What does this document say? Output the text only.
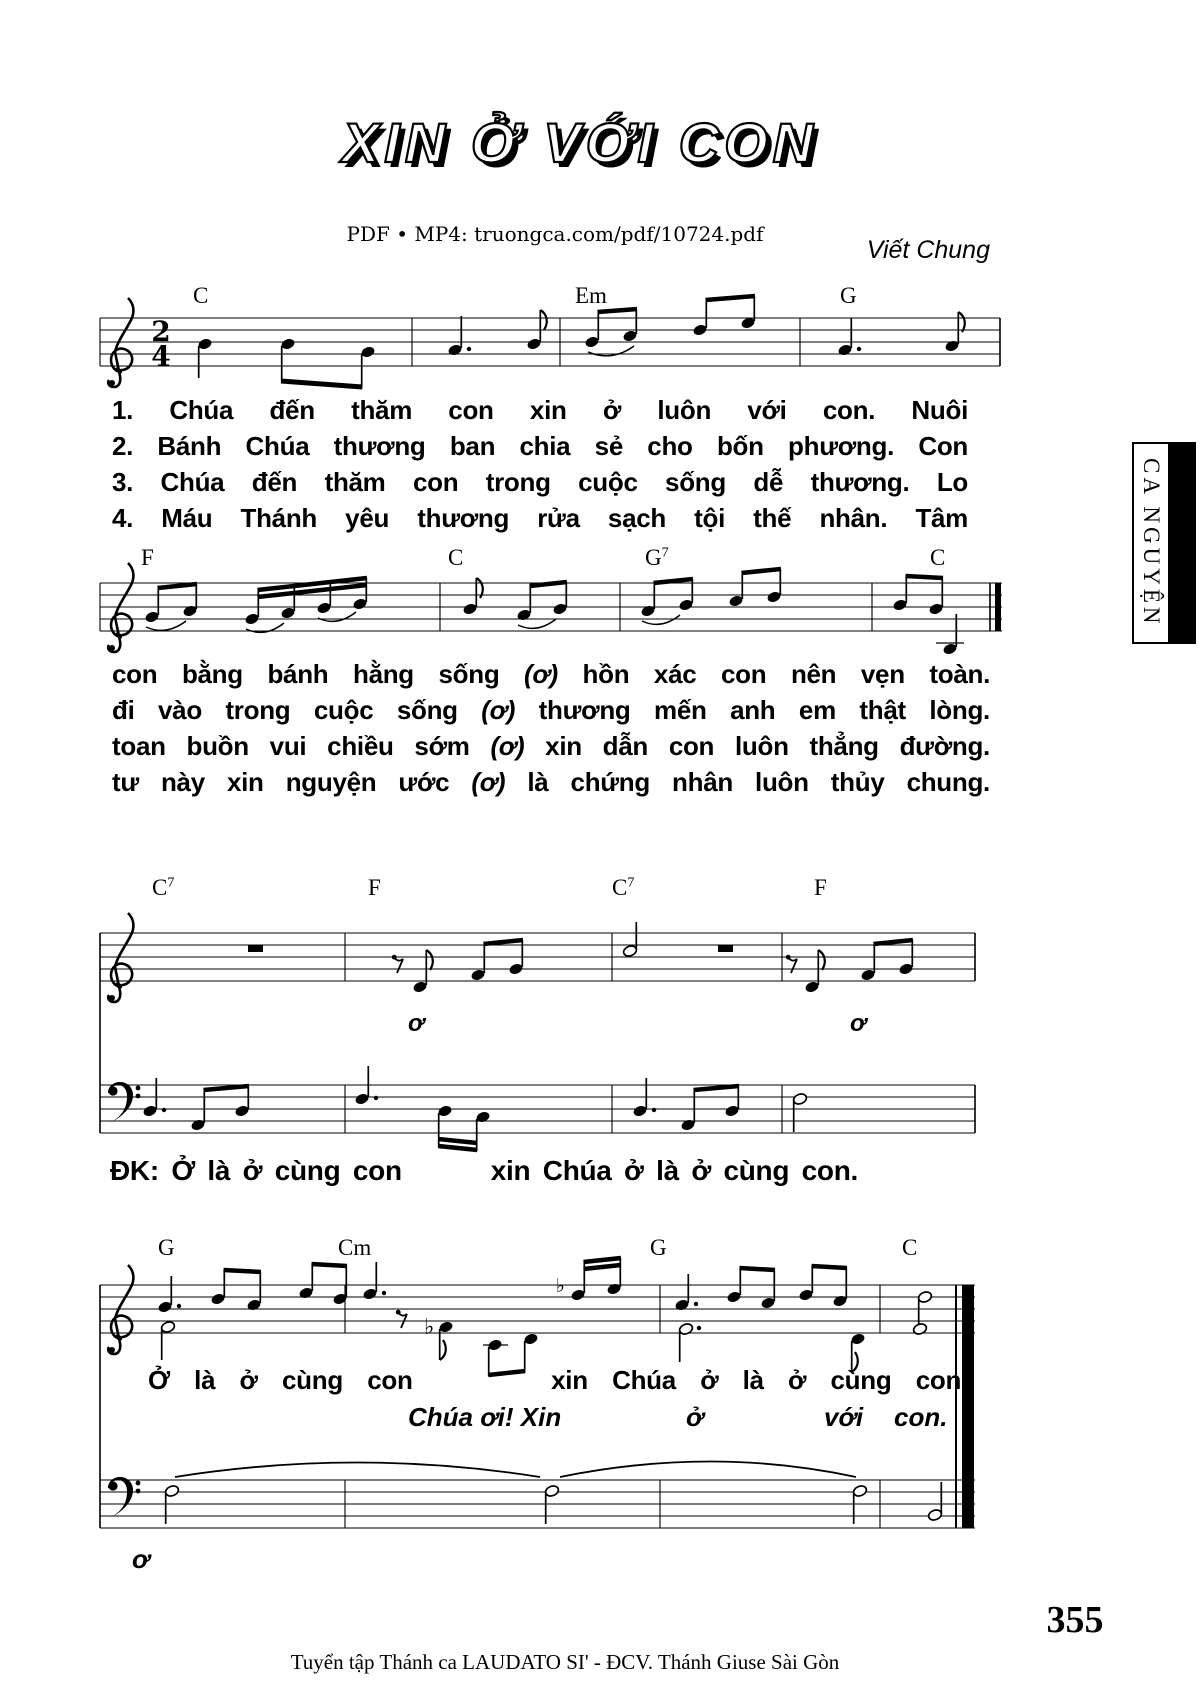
2
4
♭
♭
XIN Ở VỚI CON
PDF • MP4: truongca.com/pdf/10724.pdf
Viết Chung
CA NGUYỆN
C	Em	G
1. Chúa đến thăm con xin ở luôn với con. Nuôi
2. Bánh Chúa thương ban chia sẻ cho bốn phương. Con
3. Chúa đến thăm con trong cuộc sống dễ thương. Lo
4. Máu Thánh yêu thương rửa sạch tội thế nhân. Tâm
F	C	$G^7$	C
con bằng bánh hằng sống (ơ) hồn xác con nên vẹn toàn.
đi vào trong cuộc sống (ơ) thương mến anh em thật lòng.
toan buồn vui chiều sớm (ơ) xin dẫn con luôn thẳng đường.
tư này xin nguyện ước (ơ) là chứng nhân luôn thủy chung.
$C^7$	F	$C^7$	F
ơ	ơ
ĐK: Ở là ở cùng con	xin Chúa ở là ở cùng con.
G	Cm	G	C
Ở là ở cùng con	xin Chúa ở là ở cùng con.
Chúa ơi! Xin	ở	với con.
ơ
355
Tuyển tập Thánh ca LAUDATO SI' - ĐCV. Thánh Giuse Sài Gòn
